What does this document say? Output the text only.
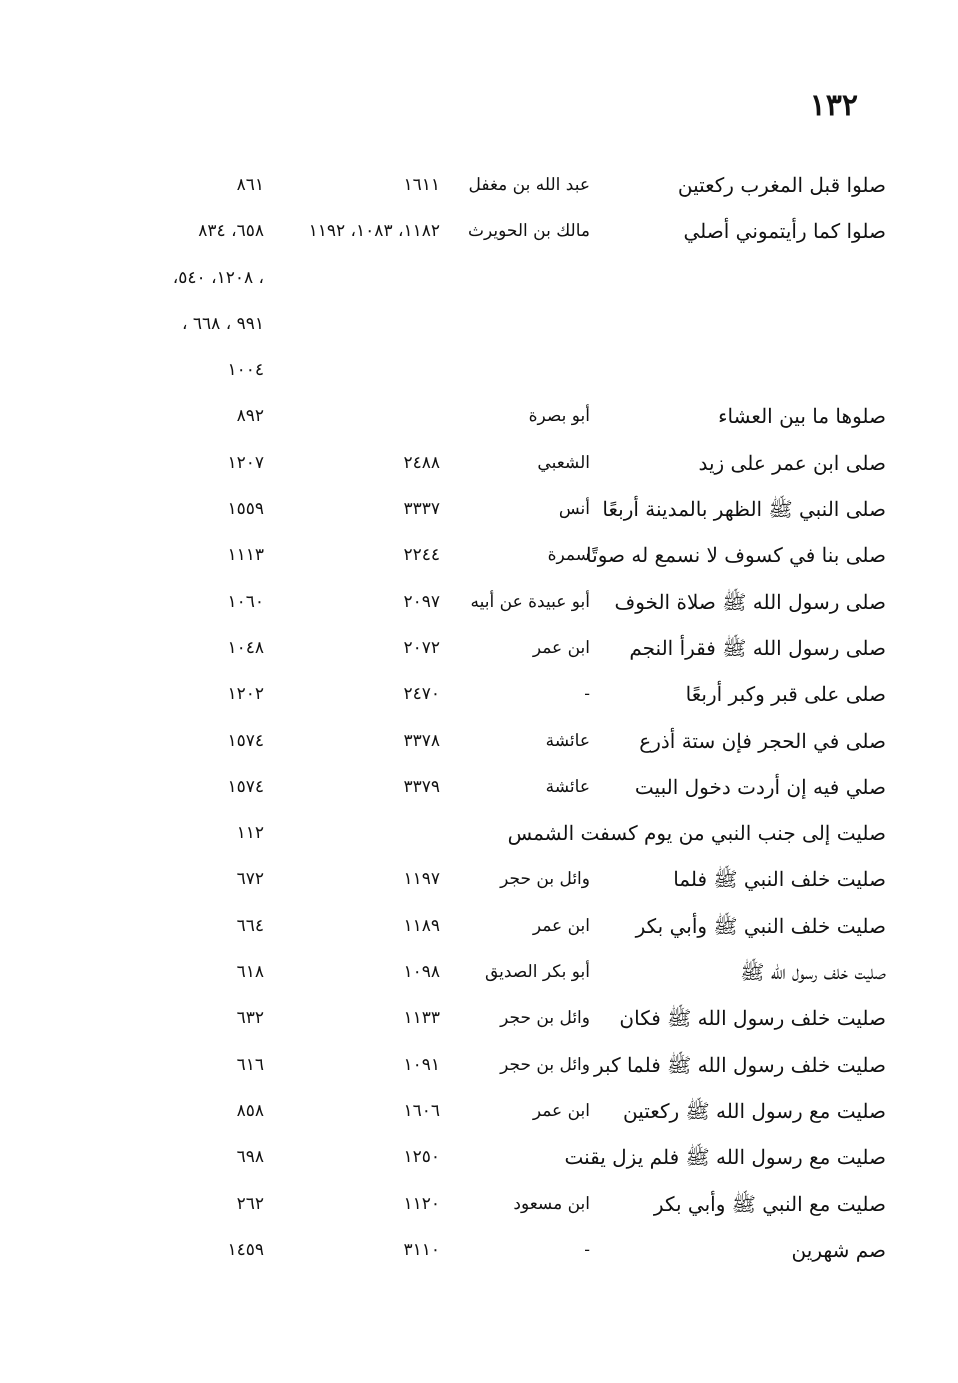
١٣٢
صلوا قبل المغرب ركعتين
عبد الله بن مغفل
١٦١١
٨٦١
صلوا كما رأيتموني أصلي
مالك بن الحويرث
١١٨٢، ١٠٨٣، ١١٩٢
٦٥٨، ٨٣٤
، ١٢٠٨، ٥٤٠،
٩٩١ ، ٦٦٨ ،
١٠٠٤
صلوها ما بين العشاء
أبو بصرة
٨٩٢
صلى ابن عمر على زيد
الشعبي
٢٤٨٨
١٢٠٧
صلى النبي ﷺ الظهر بالمدينة أربعًا
أنس
٣٣٣٧
١٥٥٩
صلى بنا في كسوف لا نسمع له صوتًا
سمرة
٢٢٤٤
١١١٣
صلى رسول الله ﷺ صلاة الخوف
أبو عبيدة عن أبيه
٢٠٩٧
١٠٦٠
صلى رسول الله ﷺ فقرأ النجم
ابن عمر
٢٠٧٢
١٠٤٨
صلى على قبر وكبر أربعًا
-
٢٤٧٠
١٢٠٢
صلى في الحجر فإن ستة أذرع
عائشة
٣٣٧٨
١٥٧٤
صلي فيه إن أردت دخول البيت
عائشة
٣٣٧٩
١٥٧٤
صليت إلى جنب النبي من يوم كسفت الشمس
١١٢
صليت خلف النبي ﷺ فلما
وائل بن حجر
١١٩٧
٦٧٢
صليت خلف النبي ﷺ وأبي بكر
ابن عمر
١١٨٩
٦٦٤
صليت خلف رسول الله ﷺ
أبو بكر الصديق
١٠٩٨
٦١٨
صليت خلف رسول الله ﷺ فكان
وائل بن حجر
١١٣٣
٦٣٢
صليت خلف رسول الله ﷺ فلما كبر
وائل بن حجر
١٠٩١
٦١٦
صليت مع رسول الله ﷺ ركعتين
ابن عمر
١٦٠٦
٨٥٨
صليت مع رسول الله ﷺ فلم يزل يقنت
١٢٥٠
٦٩٨
صليت مع النبي ﷺ وأبي بكر
ابن مسعود
١١٢٠
٢٦٢
صم شهرين
-
٣١١٠
١٤٥٩
